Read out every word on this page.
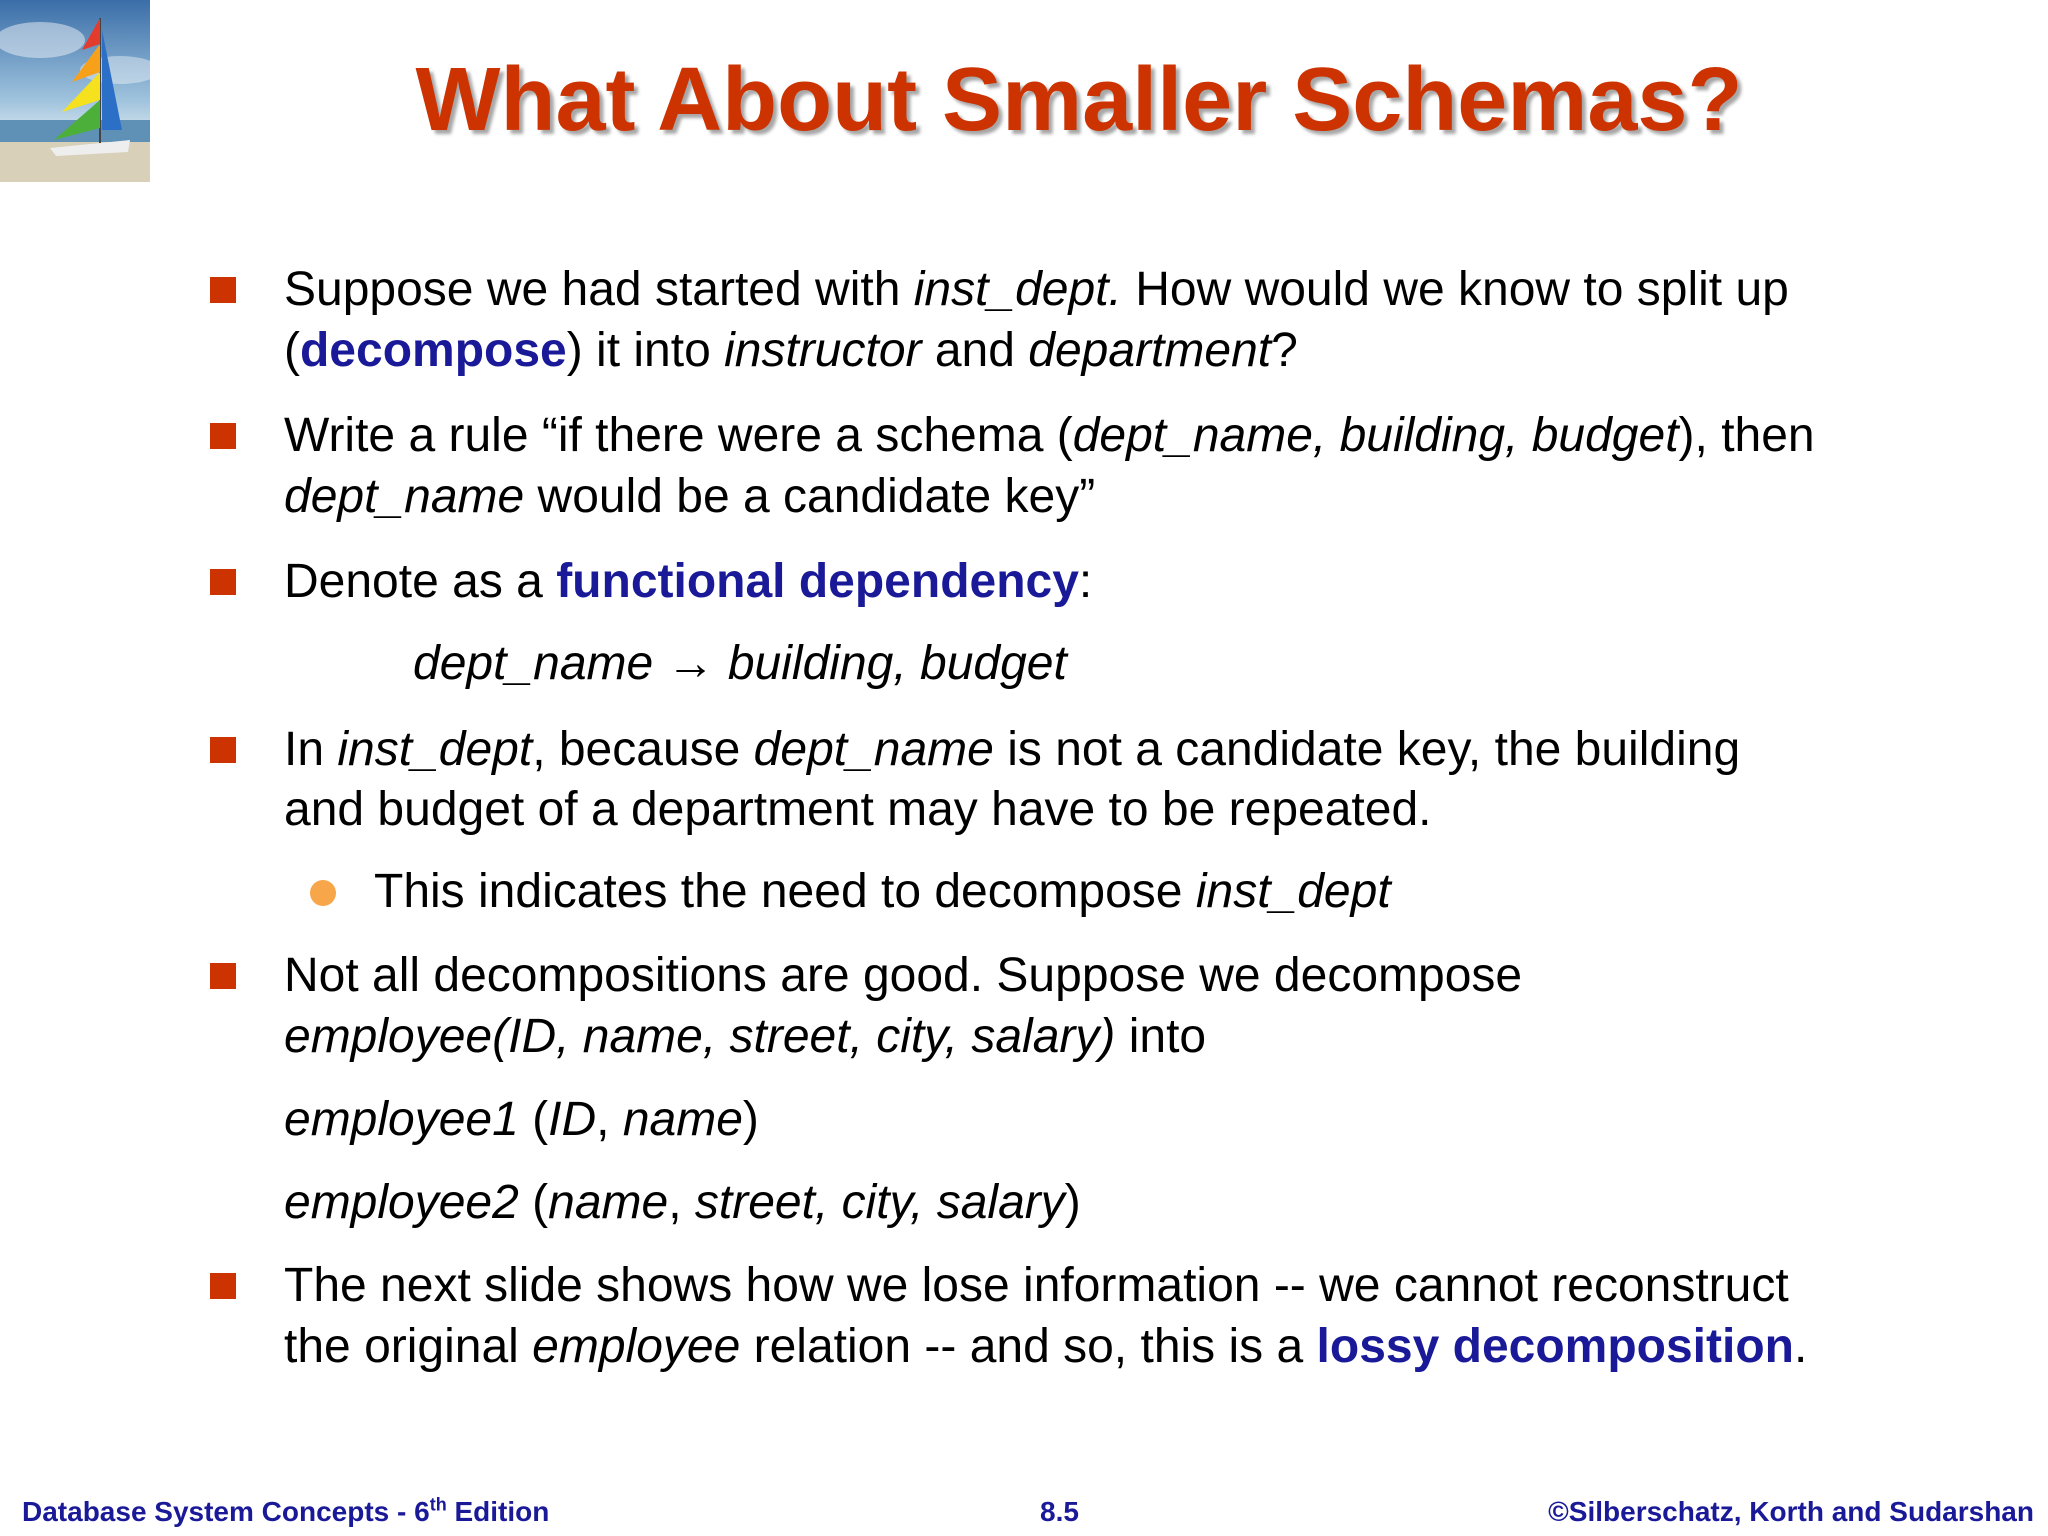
What About Smaller Schemas?
Suppose we had started with inst_dept. How would we know to split up
(decompose) it into instructor and department?
Write a rule “if there were a schema (dept_name, building, budget), then
dept_name would be a candidate key”
Denote as a functional dependency:
dept_name → building, budget
In inst_dept, because dept_name is not a candidate key, the building
and budget of a department may have to be repeated.
This indicates the need to decompose inst_dept
Not all decompositions are good. Suppose we decompose
employee(ID, name, street, city, salary) into
employee1 (ID, name)
employee2 (name, street, city, salary)
The next slide shows how we lose information -- we cannot reconstruct
the original employee relation -- and so, this is a lossy decomposition.
Database System Concepts - 6th Edition	8.5	©Silberschatz, Korth and Sudarshan
